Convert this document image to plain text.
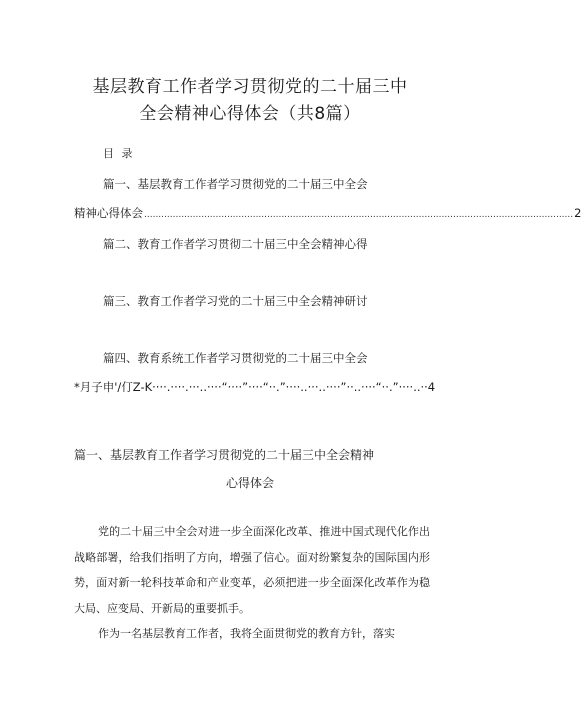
基层教育工作者学习贯彻党的二十届三中
全会精神心得体会（共8篇）
目 录
篇一、基层教育工作者学习贯彻党的二十届三中全会
精神心得体会 ...................................................................................................................................................... 2
篇二、教育工作者学习贯彻二十届三中全会精神心得
篇三、教育工作者学习党的二十届三中全会精神研讨
篇四、教育系统工作者学习贯彻党的二十届三中全会
*月子申'/仃Z-K····.····.···..····“····”····“··.”····..···..····”··..····“··.”····..··4
篇一、基层教育工作者学习贯彻党的二十届三中全会精神
心得体会

党的二十届三中全会对进一步全面深化改革、推进中国式现代化作出战略部署，给我们指明了方向，增强了信心。面对纷繁复杂的国际国内形势，面对新一轮科技革命和产业变革，必须把进一步全面深化改革作为稳大局、应变局、开新局的重要抓手。

作为一名基层教育工作者，我将全面贯彻党的教育方针，落实
